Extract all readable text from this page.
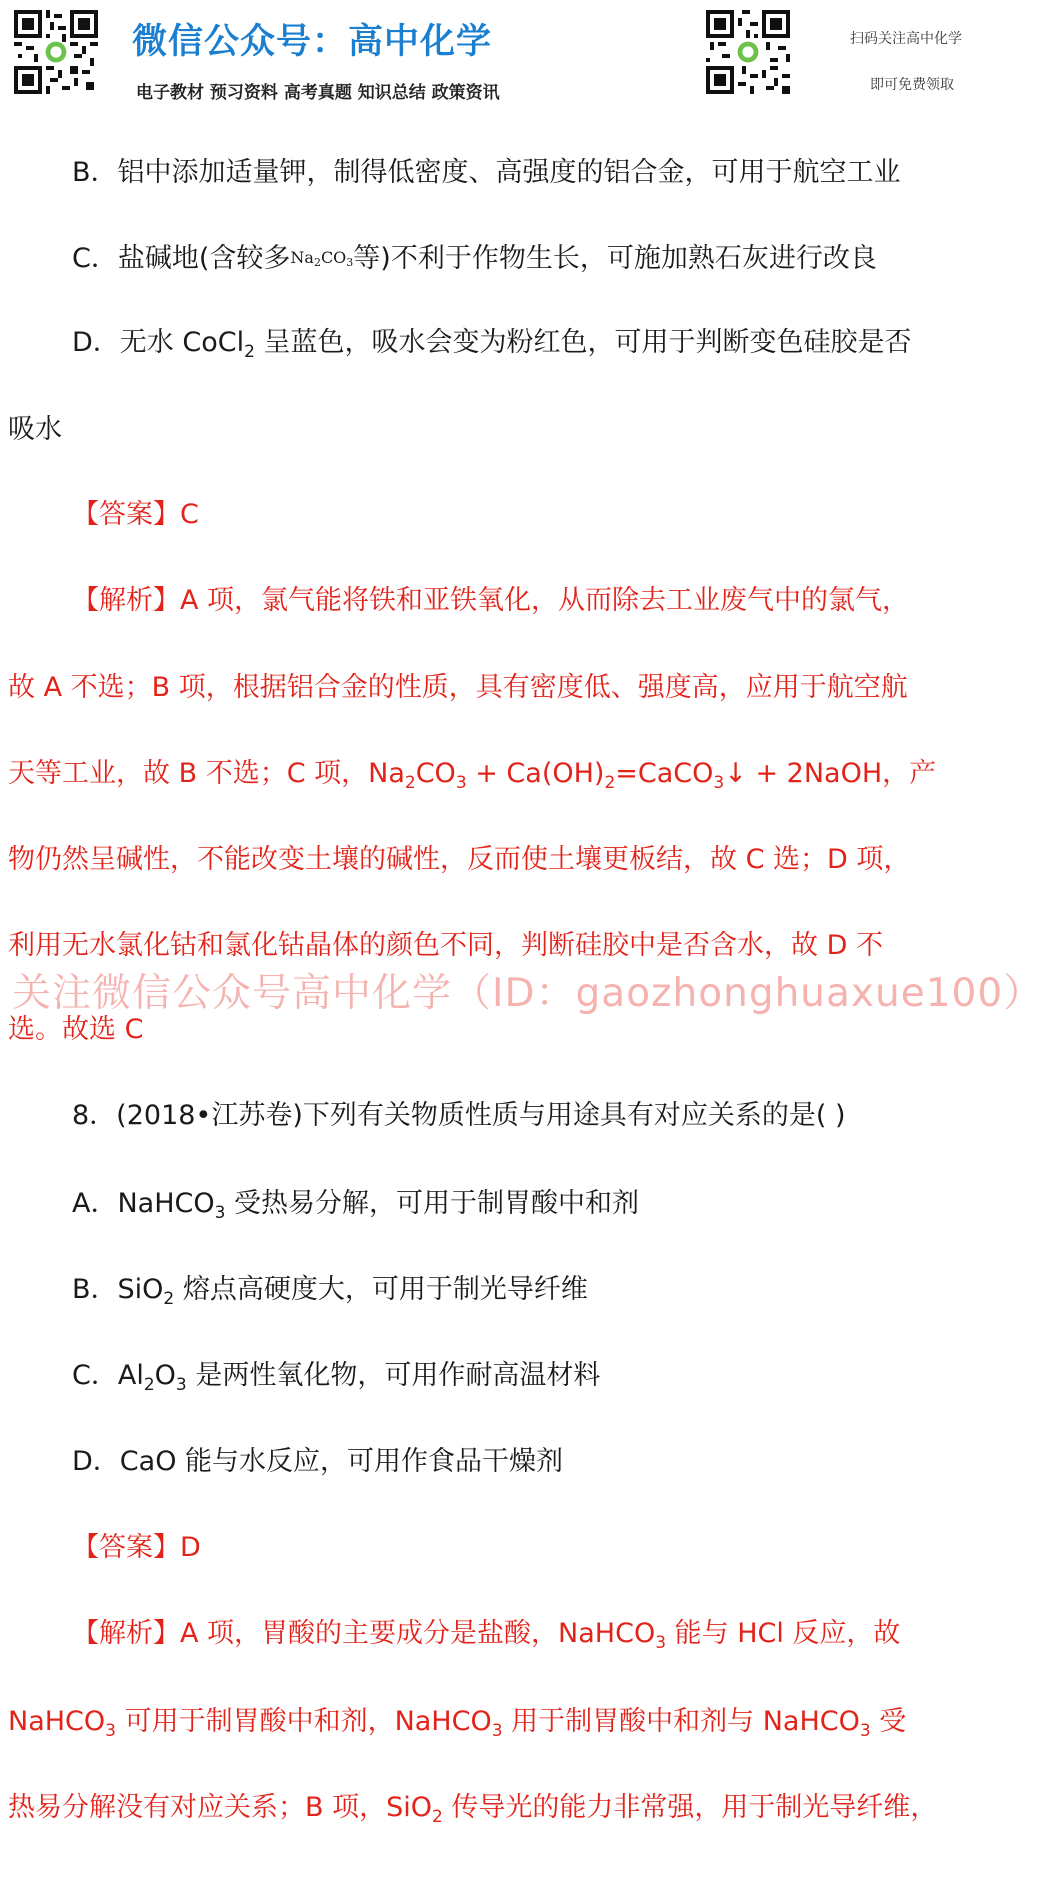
微信公众号：高中化学
电子教材 预习资料 高考真题 知识总结 政策资讯
扫码关注高中化学
即可免费领取
B．铝中添加适量钾，制得低密度、高强度的铝合金，可用于航空工业
C．盐碱地(含较多$Na_2CO_3$等)不利于作物生长，可施加熟石灰进行改良
D．无水 CoCl$_2$ 呈蓝色，吸水会变为粉红色，可用于判断变色硅胶是否
吸水
【答案】C
【解析】A 项，氯气能将铁和亚铁氧化，从而除去工业废气中的氯气，
故 A 不选；B 项，根据铝合金的性质，具有密度低、强度高，应用于航空航
天等工业，故 B 不选；C 项，$Na_2CO_3$ + $Ca(OH)_2=CaCO_3↓$ + 2NaOH，产
物仍然呈碱性，不能改变土壤的碱性，反而使土壤更板结，故 C 选；D 项，
利用无水氯化钴和氯化钴晶体的颜色不同，判断硅胶中是否含水，故 D 不
选。故选 C
关注微信公众号高中化学（ID：gaozhonghuaxue100）
8．(2018•江苏卷)下列有关物质性质与用途具有对应关系的是( )
A．NaHCO$_3$ 受热易分解，可用于制胃酸中和剂
B．SiO$_2$ 熔点高硬度大，可用于制光导纤维
C．$Al_2O_3$ 是两性氧化物，可用作耐高温材料
D．CaO 能与水反应，可用作食品干燥剂
【答案】D
【解析】A 项，胃酸的主要成分是盐酸，NaHCO$_3$ 能与 HCl 反应，故
NaHCO$_3$ 可用于制胃酸中和剂，NaHCO$_3$ 用于制胃酸中和剂与 NaHCO$_3$ 受
热易分解没有对应关系；B 项，SiO$_2$ 传导光的能力非常强，用于制光导纤维，
